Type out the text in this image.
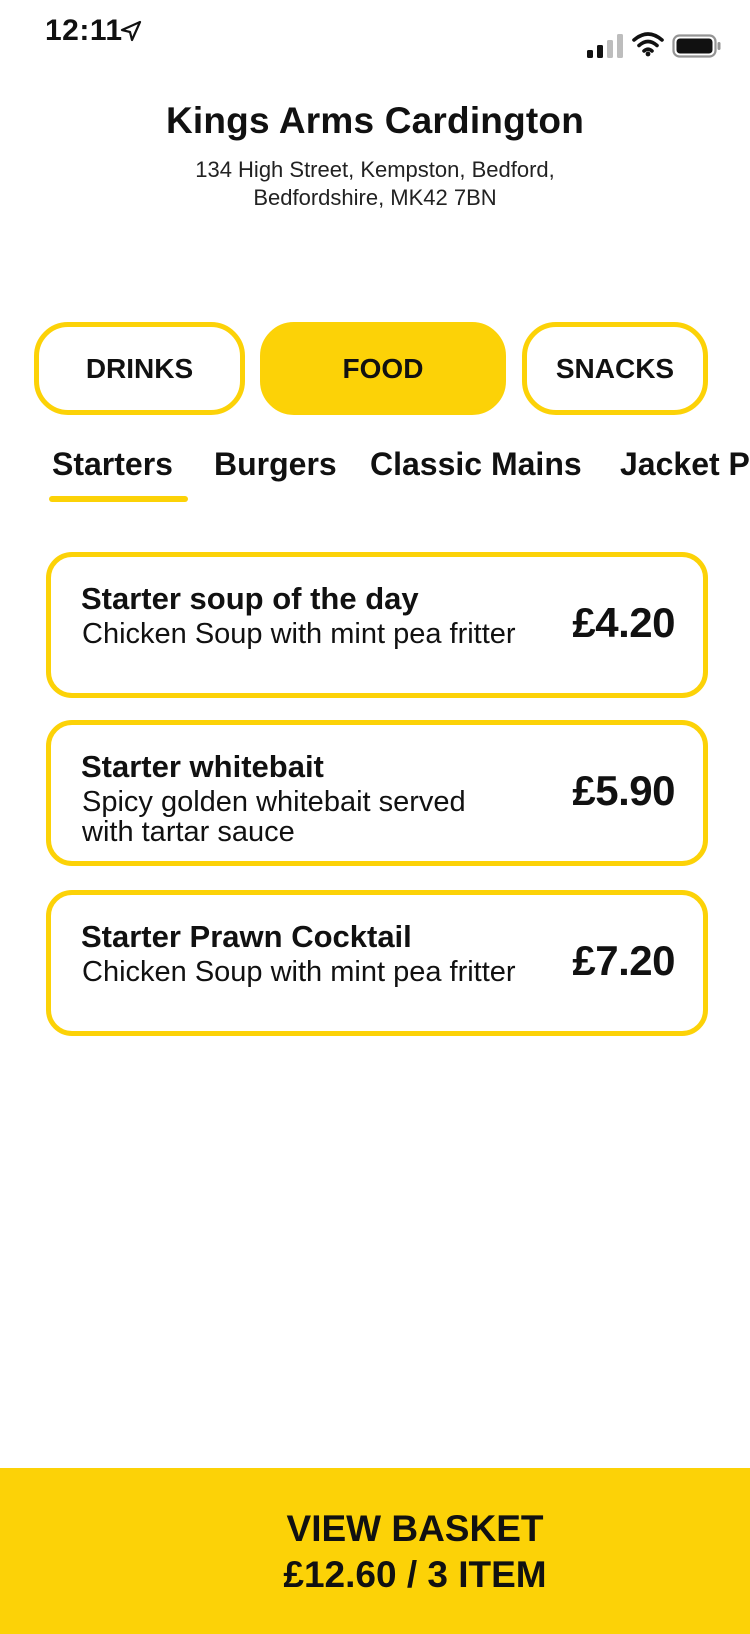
12:11
Kings Arms Cardington
134 High Street, Kempston, Bedford,
Bedfordshire, MK42 7BN
DRINKS	FOOD	SNACKS
Starters Burgers Classic Mains Jacket P
Starter soup of the day
Chicken Soup with mint pea fritter £4.20
Starter whitebait
Spicy golden whitebait served with tartar sauce
£5.90
Starter Prawn Cocktail
Chicken Soup with mint pea fritter £7.20
VIEW BASKET
£12.60 / 3 ITEM
